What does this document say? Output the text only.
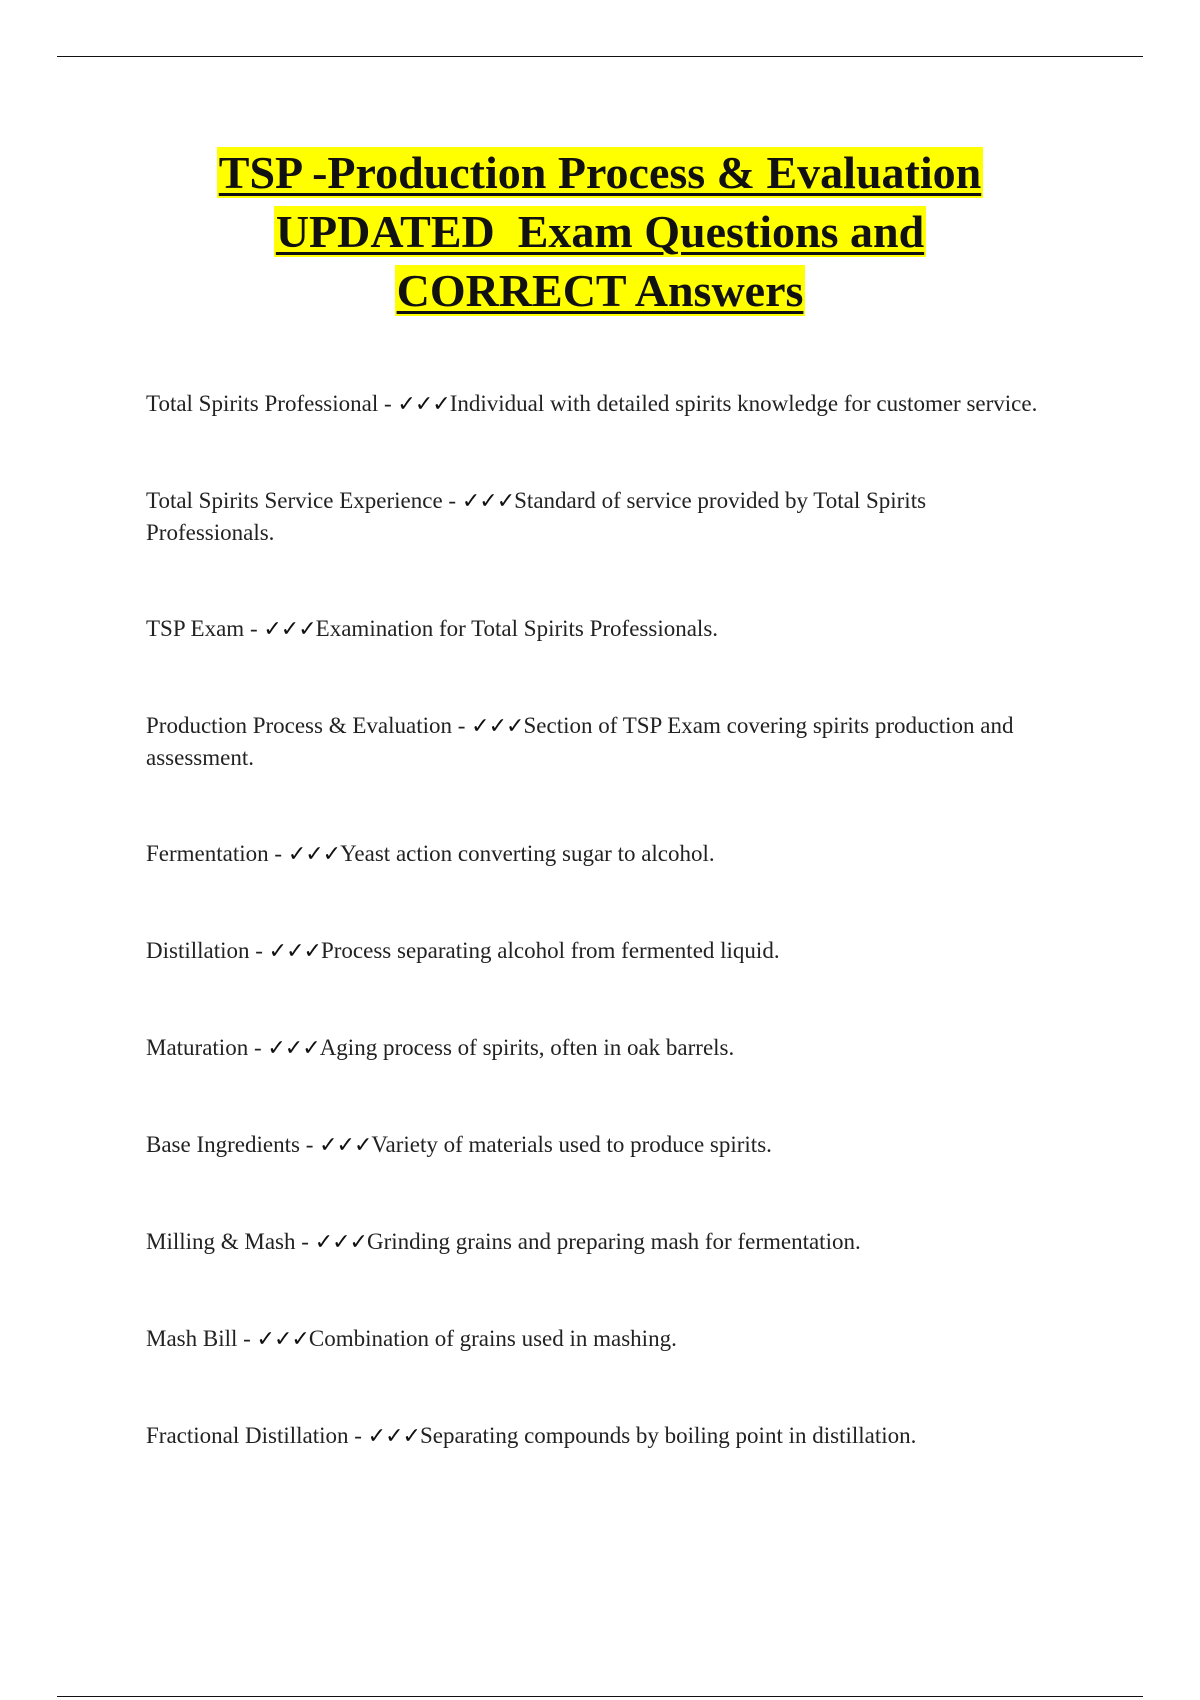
TSP -Production Process & Evaluation
UPDATED  Exam Questions and
CORRECT Answers
Total Spirits Professional - ✓✓✓Individual with detailed spirits knowledge for customer service.
Total Spirits Service Experience - ✓✓✓Standard of service provided by Total Spirits Professionals.
TSP Exam - ✓✓✓Examination for Total Spirits Professionals.
Production Process & Evaluation - ✓✓✓Section of TSP Exam covering spirits production and assessment.
Fermentation - ✓✓✓Yeast action converting sugar to alcohol.
Distillation - ✓✓✓Process separating alcohol from fermented liquid.
Maturation - ✓✓✓Aging process of spirits, often in oak barrels.
Base Ingredients - ✓✓✓Variety of materials used to produce spirits.
Milling & Mash - ✓✓✓Grinding grains and preparing mash for fermentation.
Mash Bill - ✓✓✓Combination of grains used in mashing.
Fractional Distillation - ✓✓✓Separating compounds by boiling point in distillation.
